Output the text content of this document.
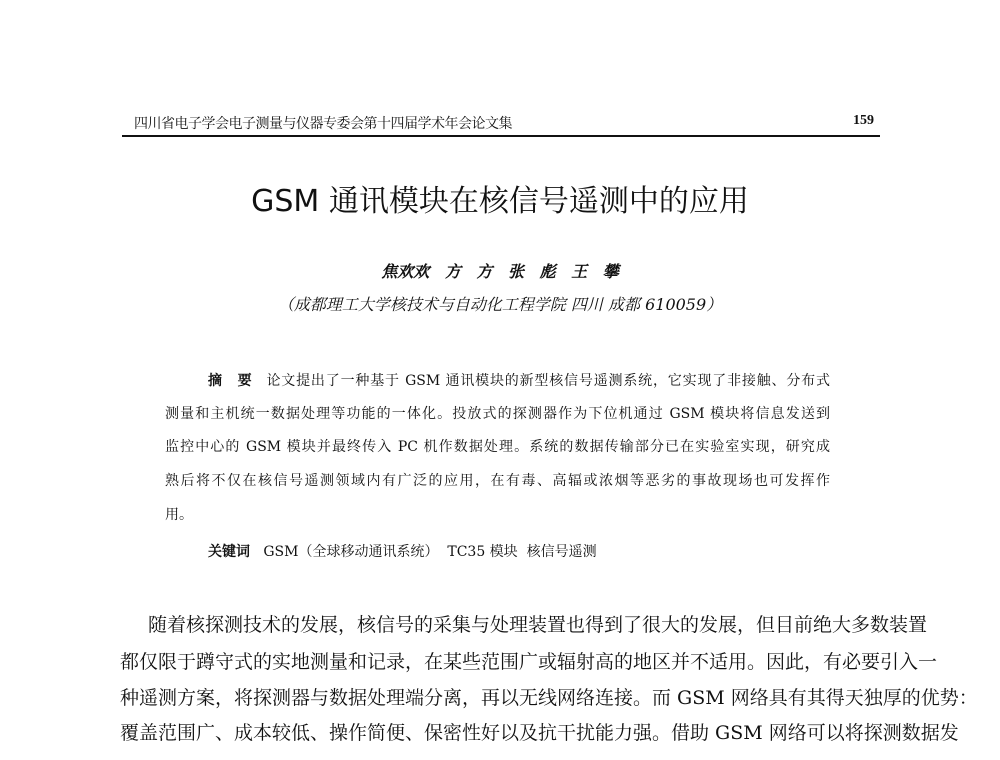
四川省电子学会电子测量与仪器专委会第十四届学术年会论文集	159
GSM 通讯模块在核信号遥测中的应用
焦欢欢 方 方 张 彪 王 攀
（成都理工大学核技术与自动化工程学院 四川 成都 610059）
摘　要 论文提出了一种基于 GSM 通讯模块的新型核信号遥测系统，它实现了非接触、分布式
测量和主机统一数据处理等功能的一体化。投放式的探测器作为下位机通过 GSM 模块将信息发送到
监控中心的 GSM 模块并最终传入 PC 机作数据处理。系统的数据传输部分已在实验室实现，研究成
熟后将不仅在核信号遥测领域内有广泛的应用，在有毒、高辐或浓烟等恶劣的事故现场也可发挥作
用。
关键词 GSM（全球移动通讯系统）  TC35 模块  核信号遥测
随着核探测技术的发展，核信号的采集与处理装置也得到了很大的发展，但目前绝大多数装置
都仅限于蹲守式的实地测量和记录，在某些范围广或辐射高的地区并不适用。因此，有必要引入一
种遥测方案，将探测器与数据处理端分离，再以无线网络连接。而 GSM 网络具有其得天独厚的优势：
覆盖范围广、成本较低、操作简便、保密性好以及抗干扰能力强。借助 GSM 网络可以将探测数据发
